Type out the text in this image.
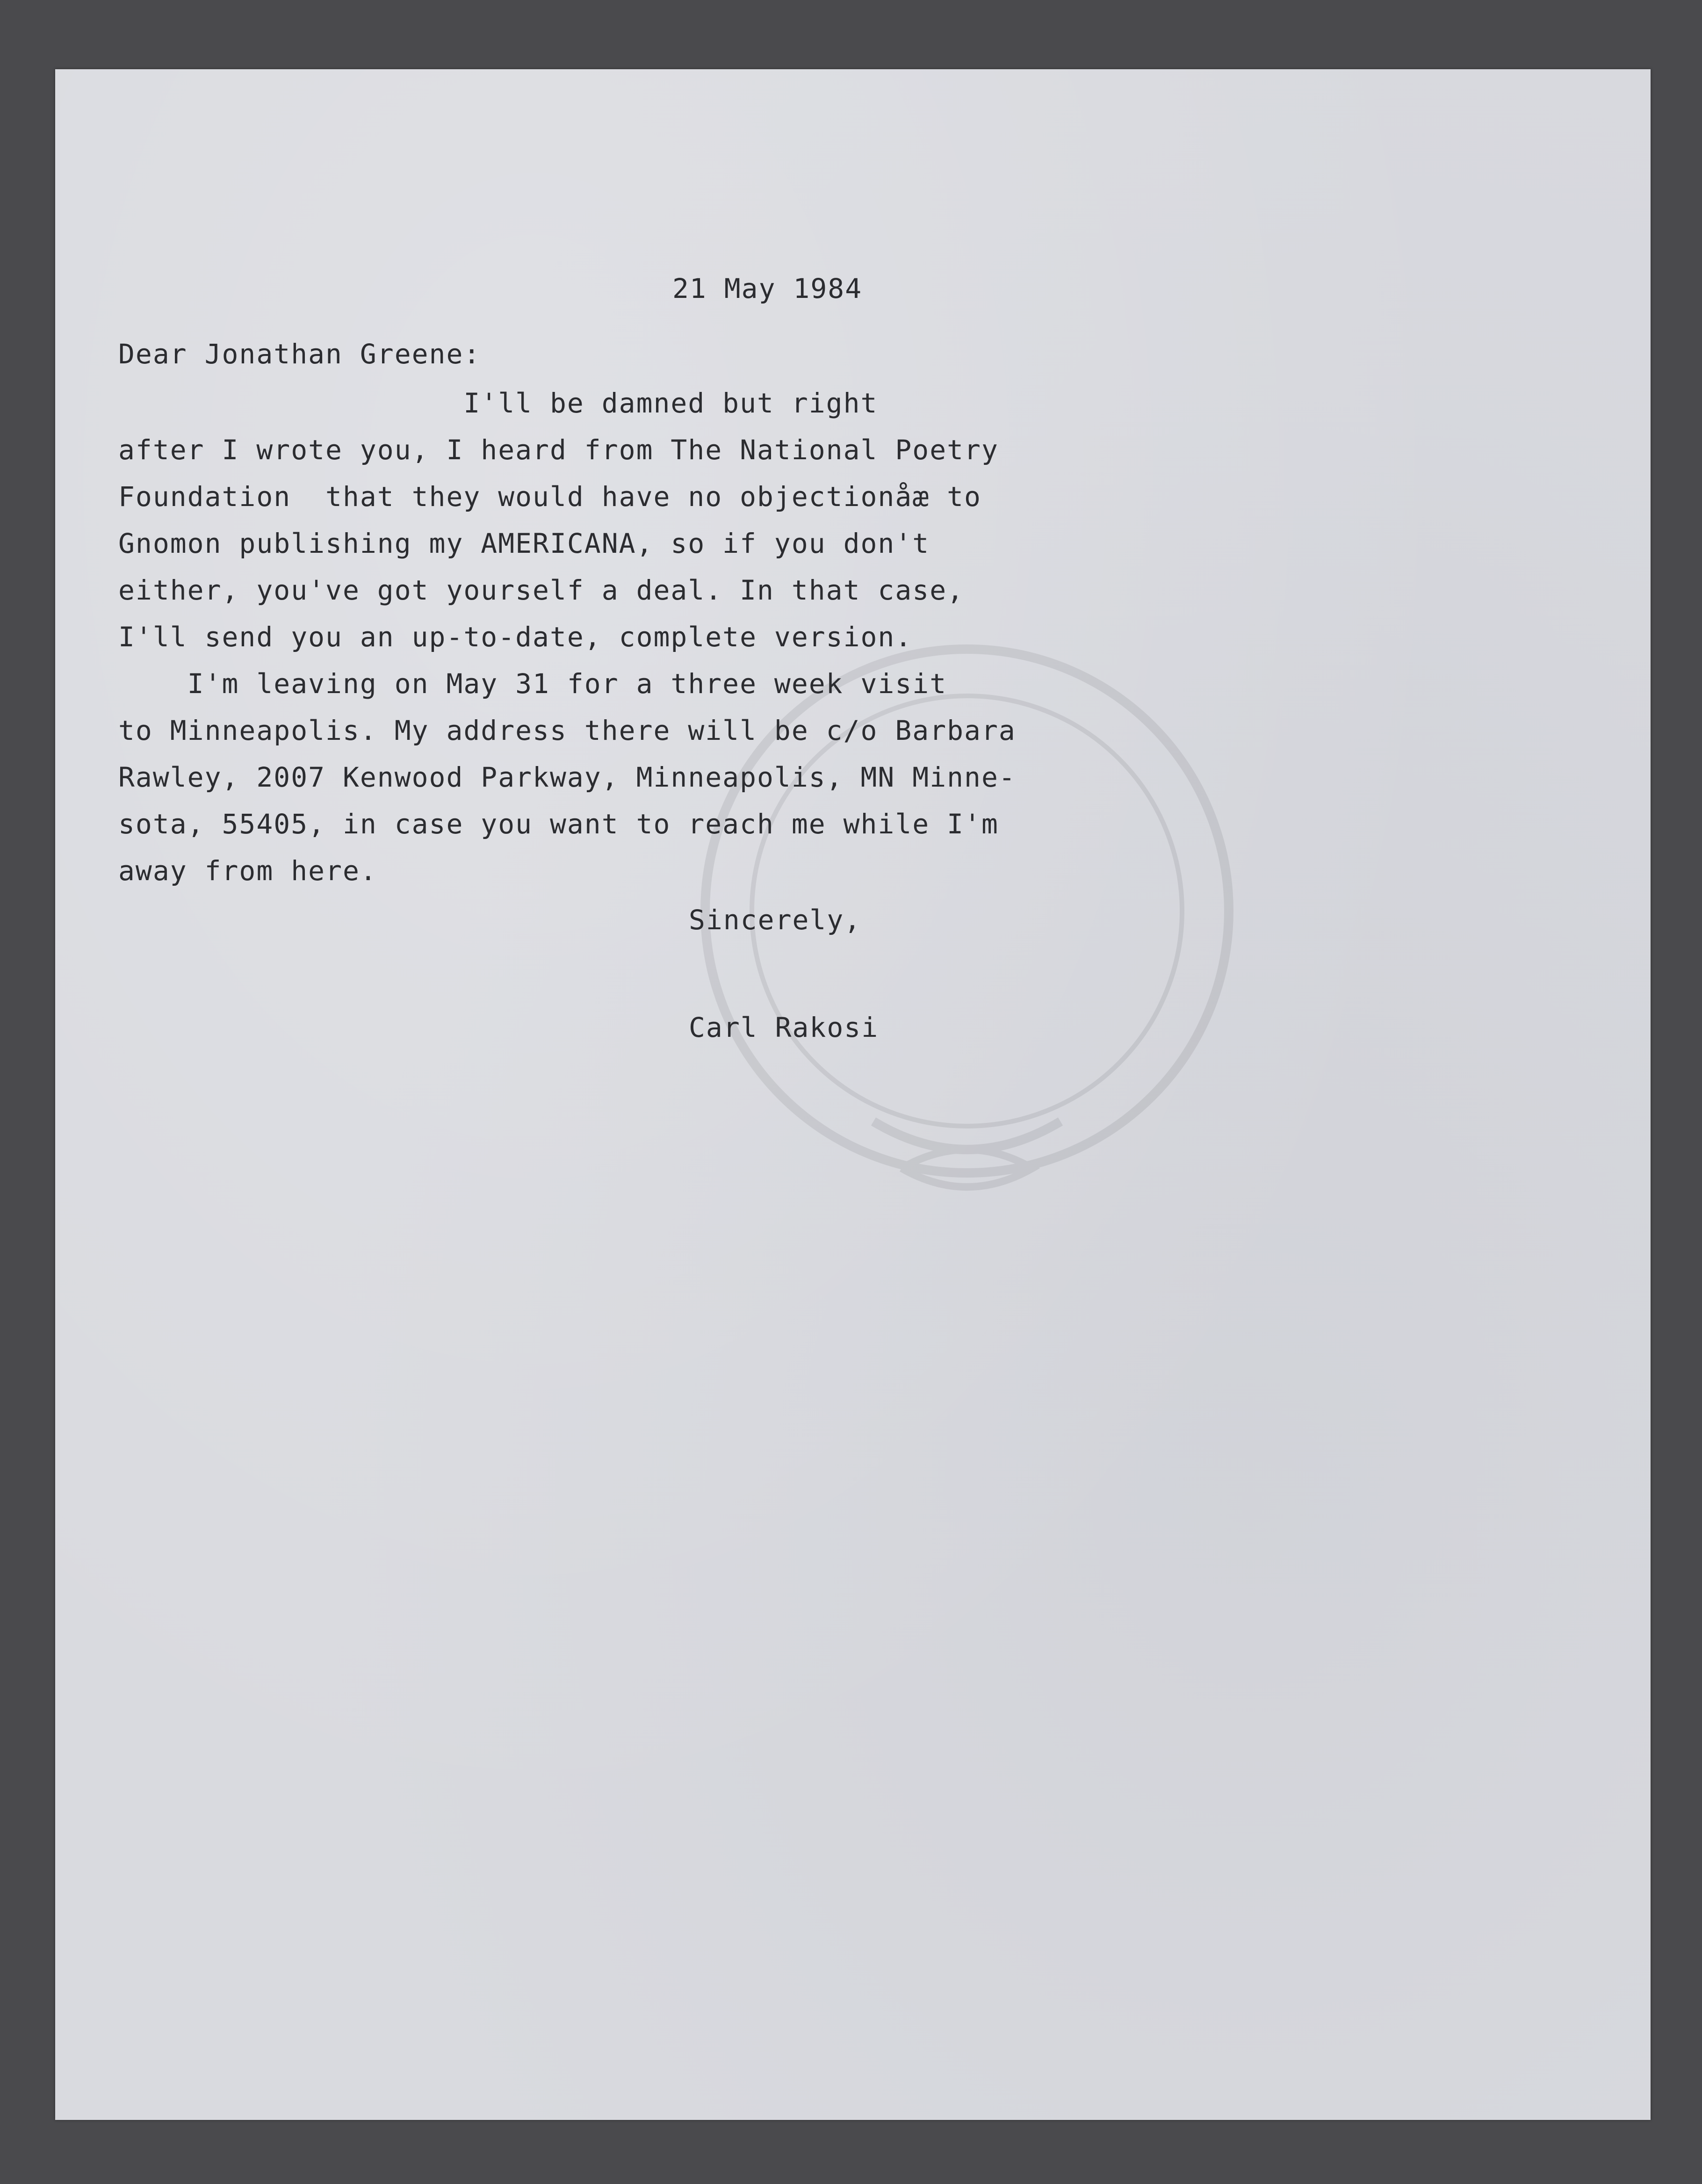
21 May 1984
Dear Jonathan Greene:
I'll be damned but right
after I wrote you, I heard from The National Poetry
Foundation  that they would have no objectionåæ to
Gnomon publishing my AMERICANA, so if you don't
either, you've got yourself a deal. In that case,
I'll send you an up-to-date, complete version.
I'm leaving on May 31 for a three week visit
to Minneapolis. My address there will be c/o Barbara
Rawley, 2007 Kenwood Parkway, Minneapolis, MN Minne-
sota, 55405, in case you want to reach me while I'm
away from here.
Sincerely,
Carl Rakosi
